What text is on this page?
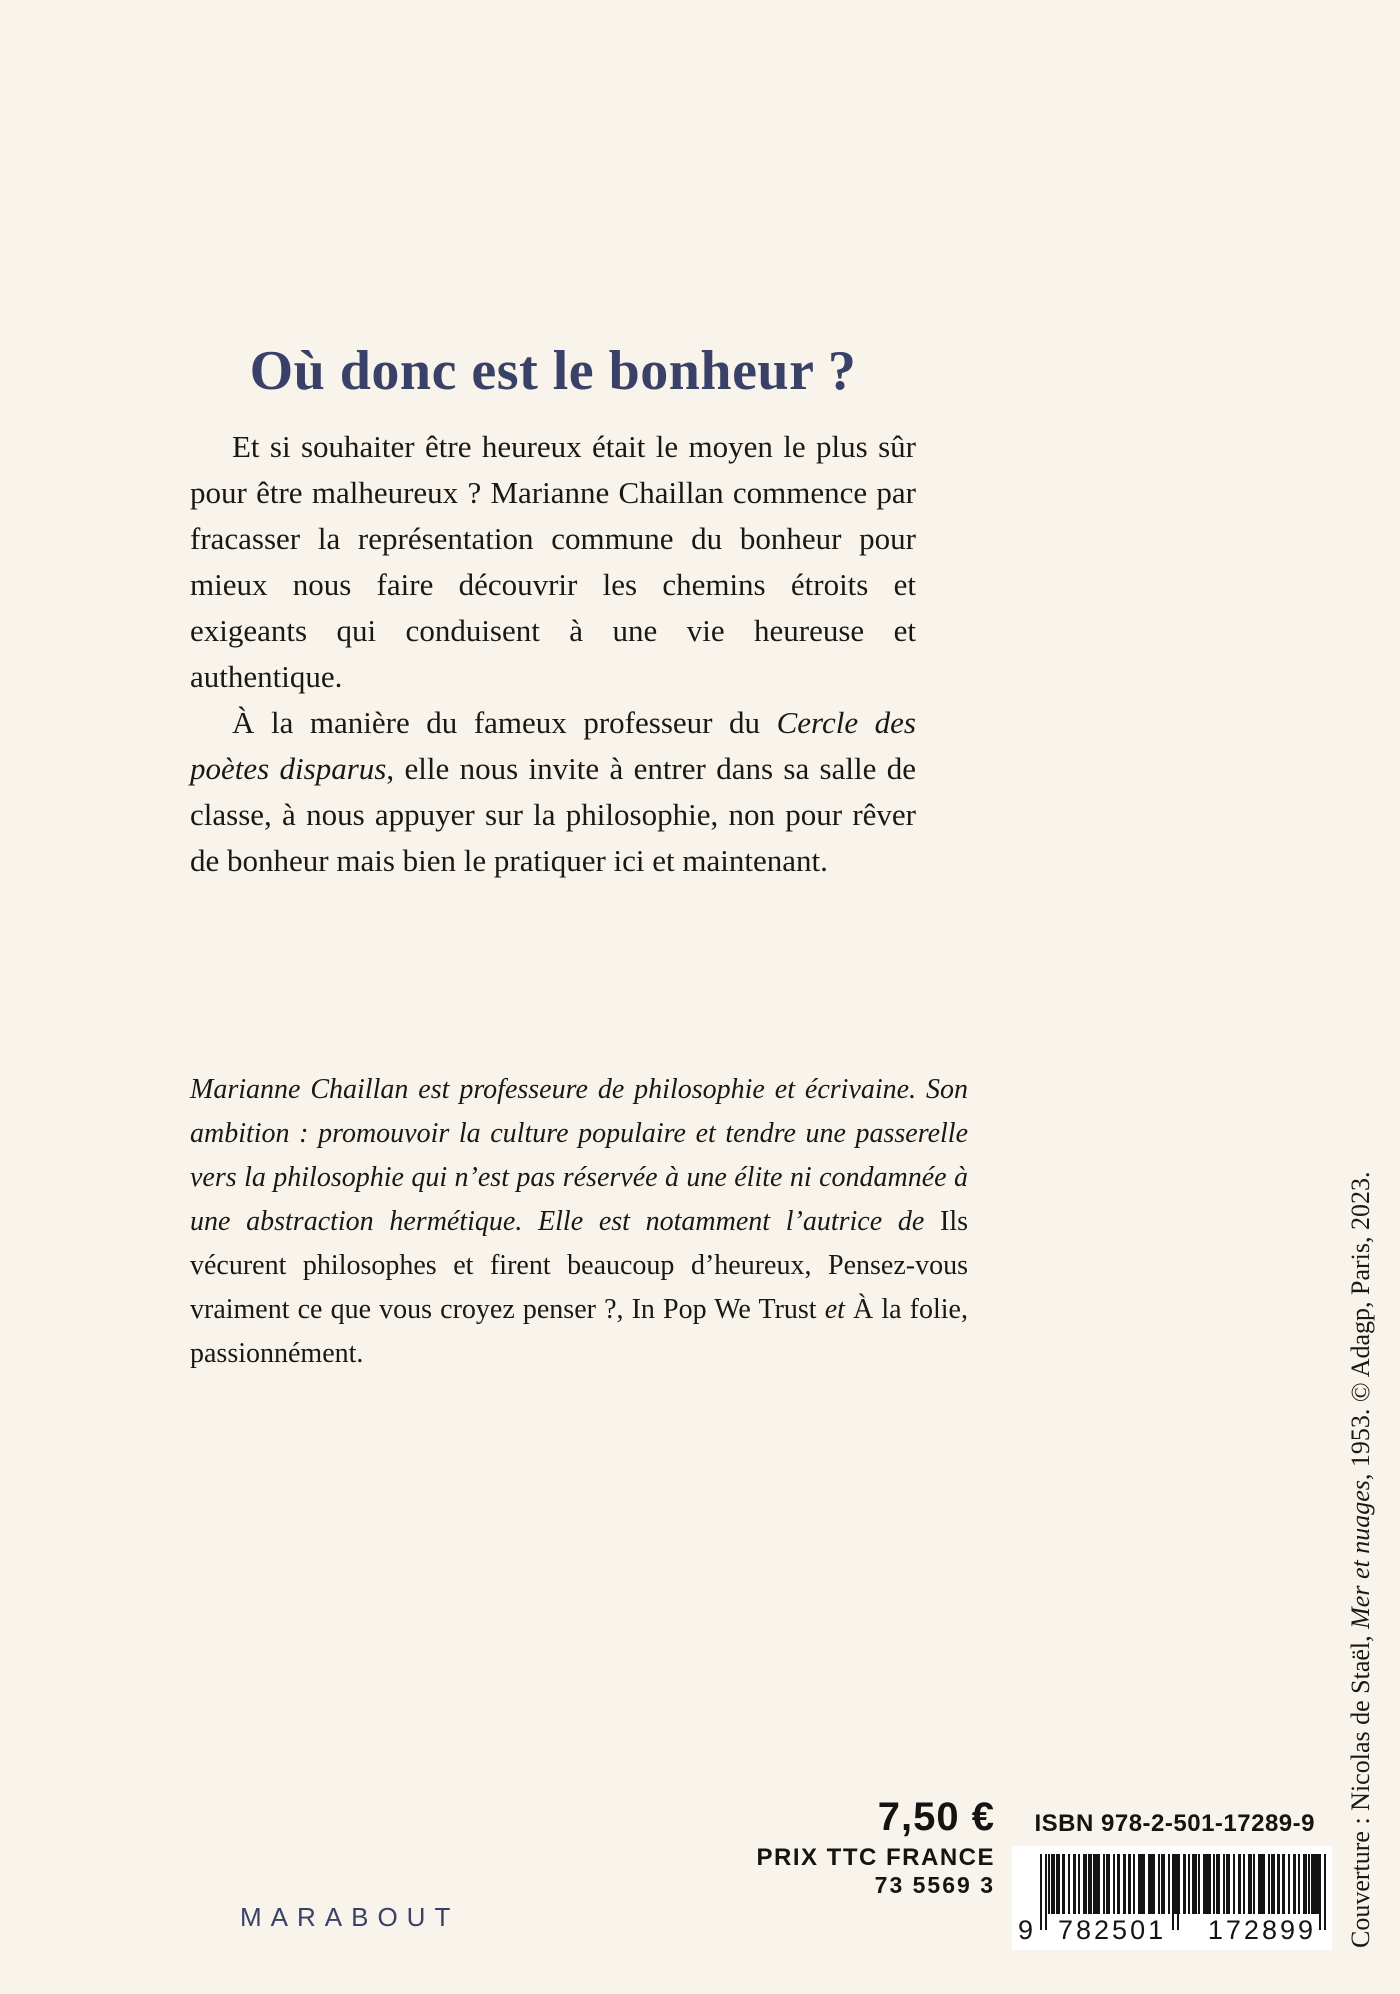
Où donc est le bonheur ?

Et si souhaiter être heureux était le moyen le plus sûr pour être malheureux ? Marianne Chaillan commence par fracasser la représentation commune du bonheur pour mieux nous faire découvrir les chemins étroits et exigeants qui conduisent à une vie heureuse et authentique.

À la manière du fameux professeur du Cercle des poètes disparus, elle nous invite à entrer dans sa salle de classe, à nous appuyer sur la philosophie, non pour rêver de bonheur mais bien le pratiquer ici et maintenant.

Marianne Chaillan est professeure de philosophie et écrivaine. Son ambition : promouvoir la culture populaire et tendre une passerelle vers la philosophie qui n’est pas réservée à une élite ni condamnée à une abstraction hermétique. Elle est notamment l’autrice de Ils vécurent philosophes et firent beaucoup d’heureux, Pensez-vous vraiment ce que vous croyez penser ?, In Pop We Trust et À la folie, passionnément.
Couverture : Nicolas de Staël, Mer et nuages, 1953. © Adagp, Paris, 2023.
MARABOUT
7,50 €
PRIX TTC FRANCE
73 5569 3
ISBN 978-2-501-17289-9
9 782501 172899
